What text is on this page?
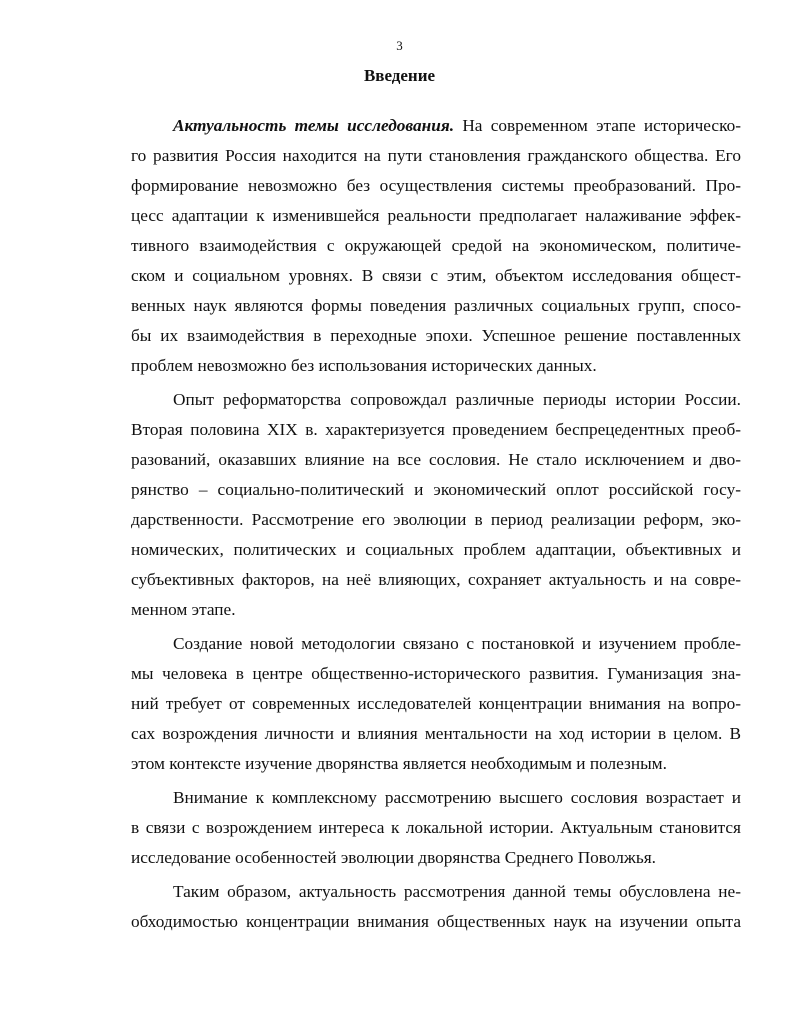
3
Введение
Актуальность темы исследования. На современном этапе историческо-
го развития Россия находится на пути становления гражданского общества. Его
формирование невозможно без осуществления системы преобразований. Про-
цесс адаптации к изменившейся реальности предполагает налаживание эффек-
тивного взаимодействия с окружающей средой на экономическом, политиче-
ском и социальном уровнях. В связи с этим, объектом исследования общест-
венных наук являются формы поведения различных социальных групп, спосо-
бы их взаимодействия в переходные эпохи. Успешное решение поставленных
проблем невозможно без использования исторических данных.
Опыт реформаторства сопровождал различные периоды истории России.
Вторая половина XIX в. характеризуется проведением беспрецедентных преоб-
разований, оказавших влияние на все сословия. Не стало исключением и дво-
рянство – социально-политический и экономический оплот российской госу-
дарственности. Рассмотрение его эволюции в период реализации реформ, эко-
номических, политических и социальных проблем адаптации, объективных и
субъективных факторов, на неё влияющих, сохраняет актуальность и на совре-
менном этапе.
Создание новой методологии связано с постановкой и изучением пробле-
мы человека в центре общественно-исторического развития. Гуманизация зна-
ний требует от современных исследователей концентрации внимания на вопро-
сах возрождения личности и влияния ментальности на ход истории в целом. В
этом контексте изучение дворянства является необходимым и полезным.
Внимание к комплексному рассмотрению высшего сословия возрастает и
в связи с возрождением интереса к локальной истории. Актуальным становится
исследование особенностей эволюции дворянства Среднего Поволжья.
Таким образом, актуальность рассмотрения данной темы обусловлена не-
обходимостью концентрации внимания общественных наук на изучении опыта
